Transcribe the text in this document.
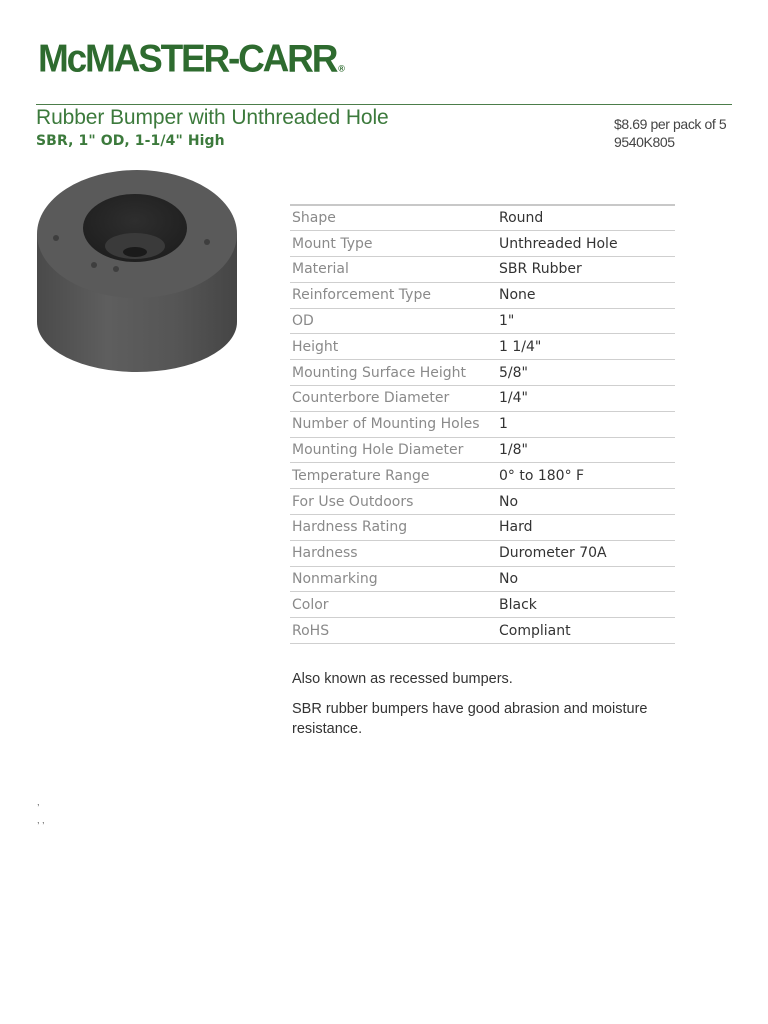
McMASTER-CARR ®
Rubber Bumper with Unthreaded Hole
SBR, 1" OD, 1-1/4" High
$8.69 per pack of 5
9540K805
Shape	Round
Mount Type	Unthreaded Hole
Material	SBR Rubber
Reinforcement Type	None
OD	1"
Height	1 1/4"
Mounting Surface Height	5/8"
Counterbore Diameter	1/4"
Number of Mounting Holes	1
Mounting Hole Diameter	1/8"
Temperature Range	0° to 180° F
For Use Outdoors	No
Hardness Rating	Hard
Hardness	Durometer 70A
Nonmarking	No
Color	Black
RoHS	Compliant

Also known as recessed bumpers.

SBR rubber bumpers have good abrasion and moisture resistance.

,
, ,
